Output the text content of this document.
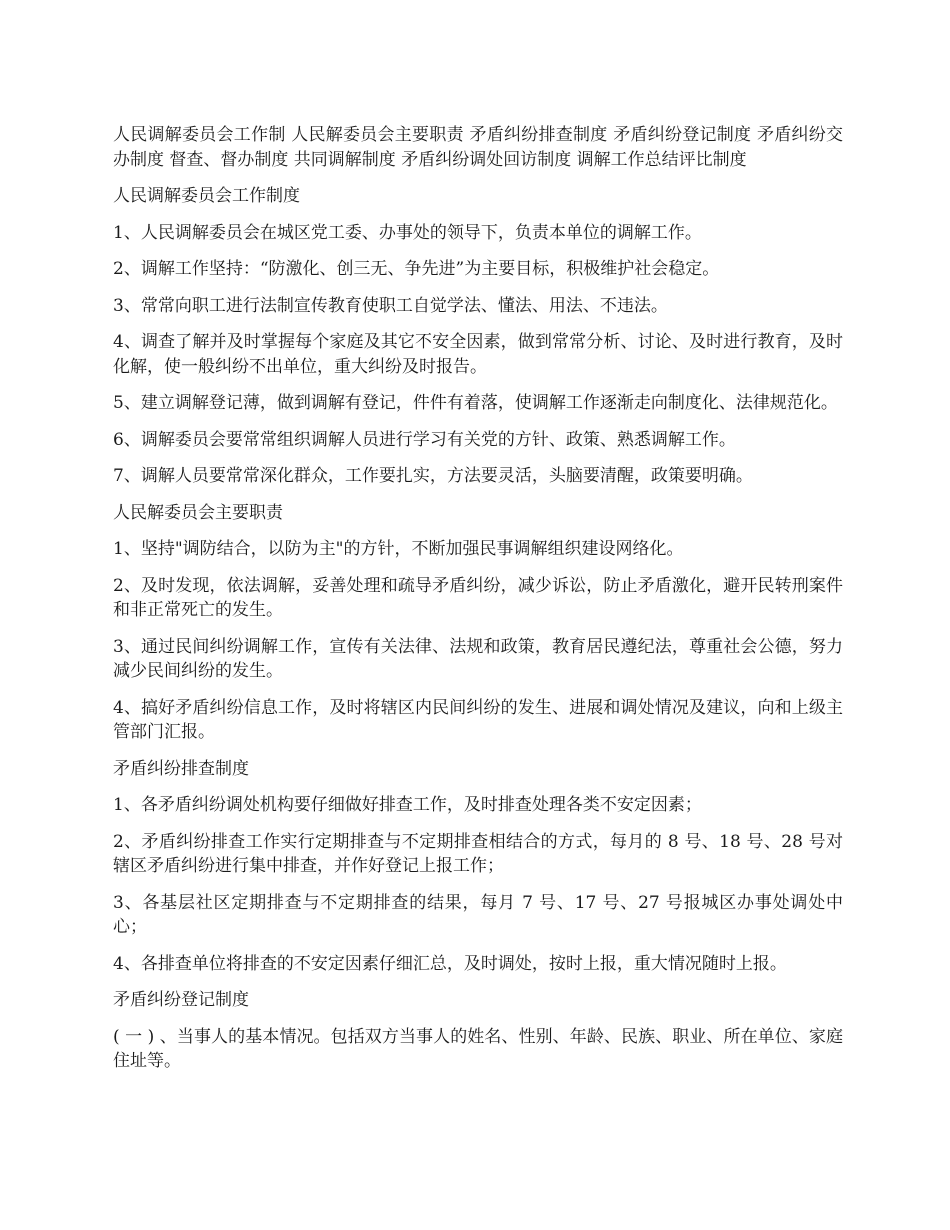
人民调解委员会工作制 人民解委员会主要职责 矛盾纠纷排查制度 矛盾纠纷登记制度 矛盾纠纷交办制度 督查、督办制度 共同调解制度 矛盾纠纷调处回访制度 调解工作总结评比制度

人民调解委员会工作制度

1、人民调解委员会在城区党工委、办事处的领导下，负责本单位的调解工作。

2、调解工作坚持：“防激化、创三无、争先进”为主要目标，积极维护社会稳定。

3、常常向职工进行法制宣传教育使职工自觉学法、懂法、用法、不违法。

4、调查了解并及时掌握每个家庭及其它不安全因素，做到常常分析、讨论、及时进行教育，及时化解，使一般纠纷不出单位，重大纠纷及时报告。

5、建立调解登记薄，做到调解有登记，件件有着落，使调解工作逐渐走向制度化、法律规范化。

6、调解委员会要常常组织调解人员进行学习有关党的方针、政策、熟悉调解工作。

7、调解人员要常常深化群众，工作要扎实，方法要灵活，头脑要清醒，政策要明确。

人民解委员会主要职责

1、坚持"调防结合，以防为主"的方针，不断加强民事调解组织建设网络化。

2、及时发现，依法调解，妥善处理和疏导矛盾纠纷，减少诉讼，防止矛盾激化，避开民转刑案件和非正常死亡的发生。

3、通过民间纠纷调解工作，宣传有关法律、法规和政策，教育居民遵纪法，尊重社会公德，努力减少民间纠纷的发生。

4、搞好矛盾纠纷信息工作，及时将辖区内民间纠纷的发生、进展和调处情况及建议，向和上级主管部门汇报。

矛盾纠纷排查制度

1、各矛盾纠纷调处机构要仔细做好排查工作，及时排查处理各类不安定因素；

2、矛盾纠纷排查工作实行定期排查与不定期排查相结合的方式，每月的 8 号、18 号、28 号对辖区矛盾纠纷进行集中排查，并作好登记上报工作；

3、各基层社区定期排查与不定期排查的结果，每月 7 号、17 号、27 号报城区办事处调处中心；

4、各排查单位将排查的不安定因素仔细汇总，及时调处，按时上报，重大情况随时上报。

矛盾纠纷登记制度

( 一 ) 、当事人的基本情况。包括双方当事人的姓名、性别、年龄、民族、职业、所在单位、家庭住址等。
